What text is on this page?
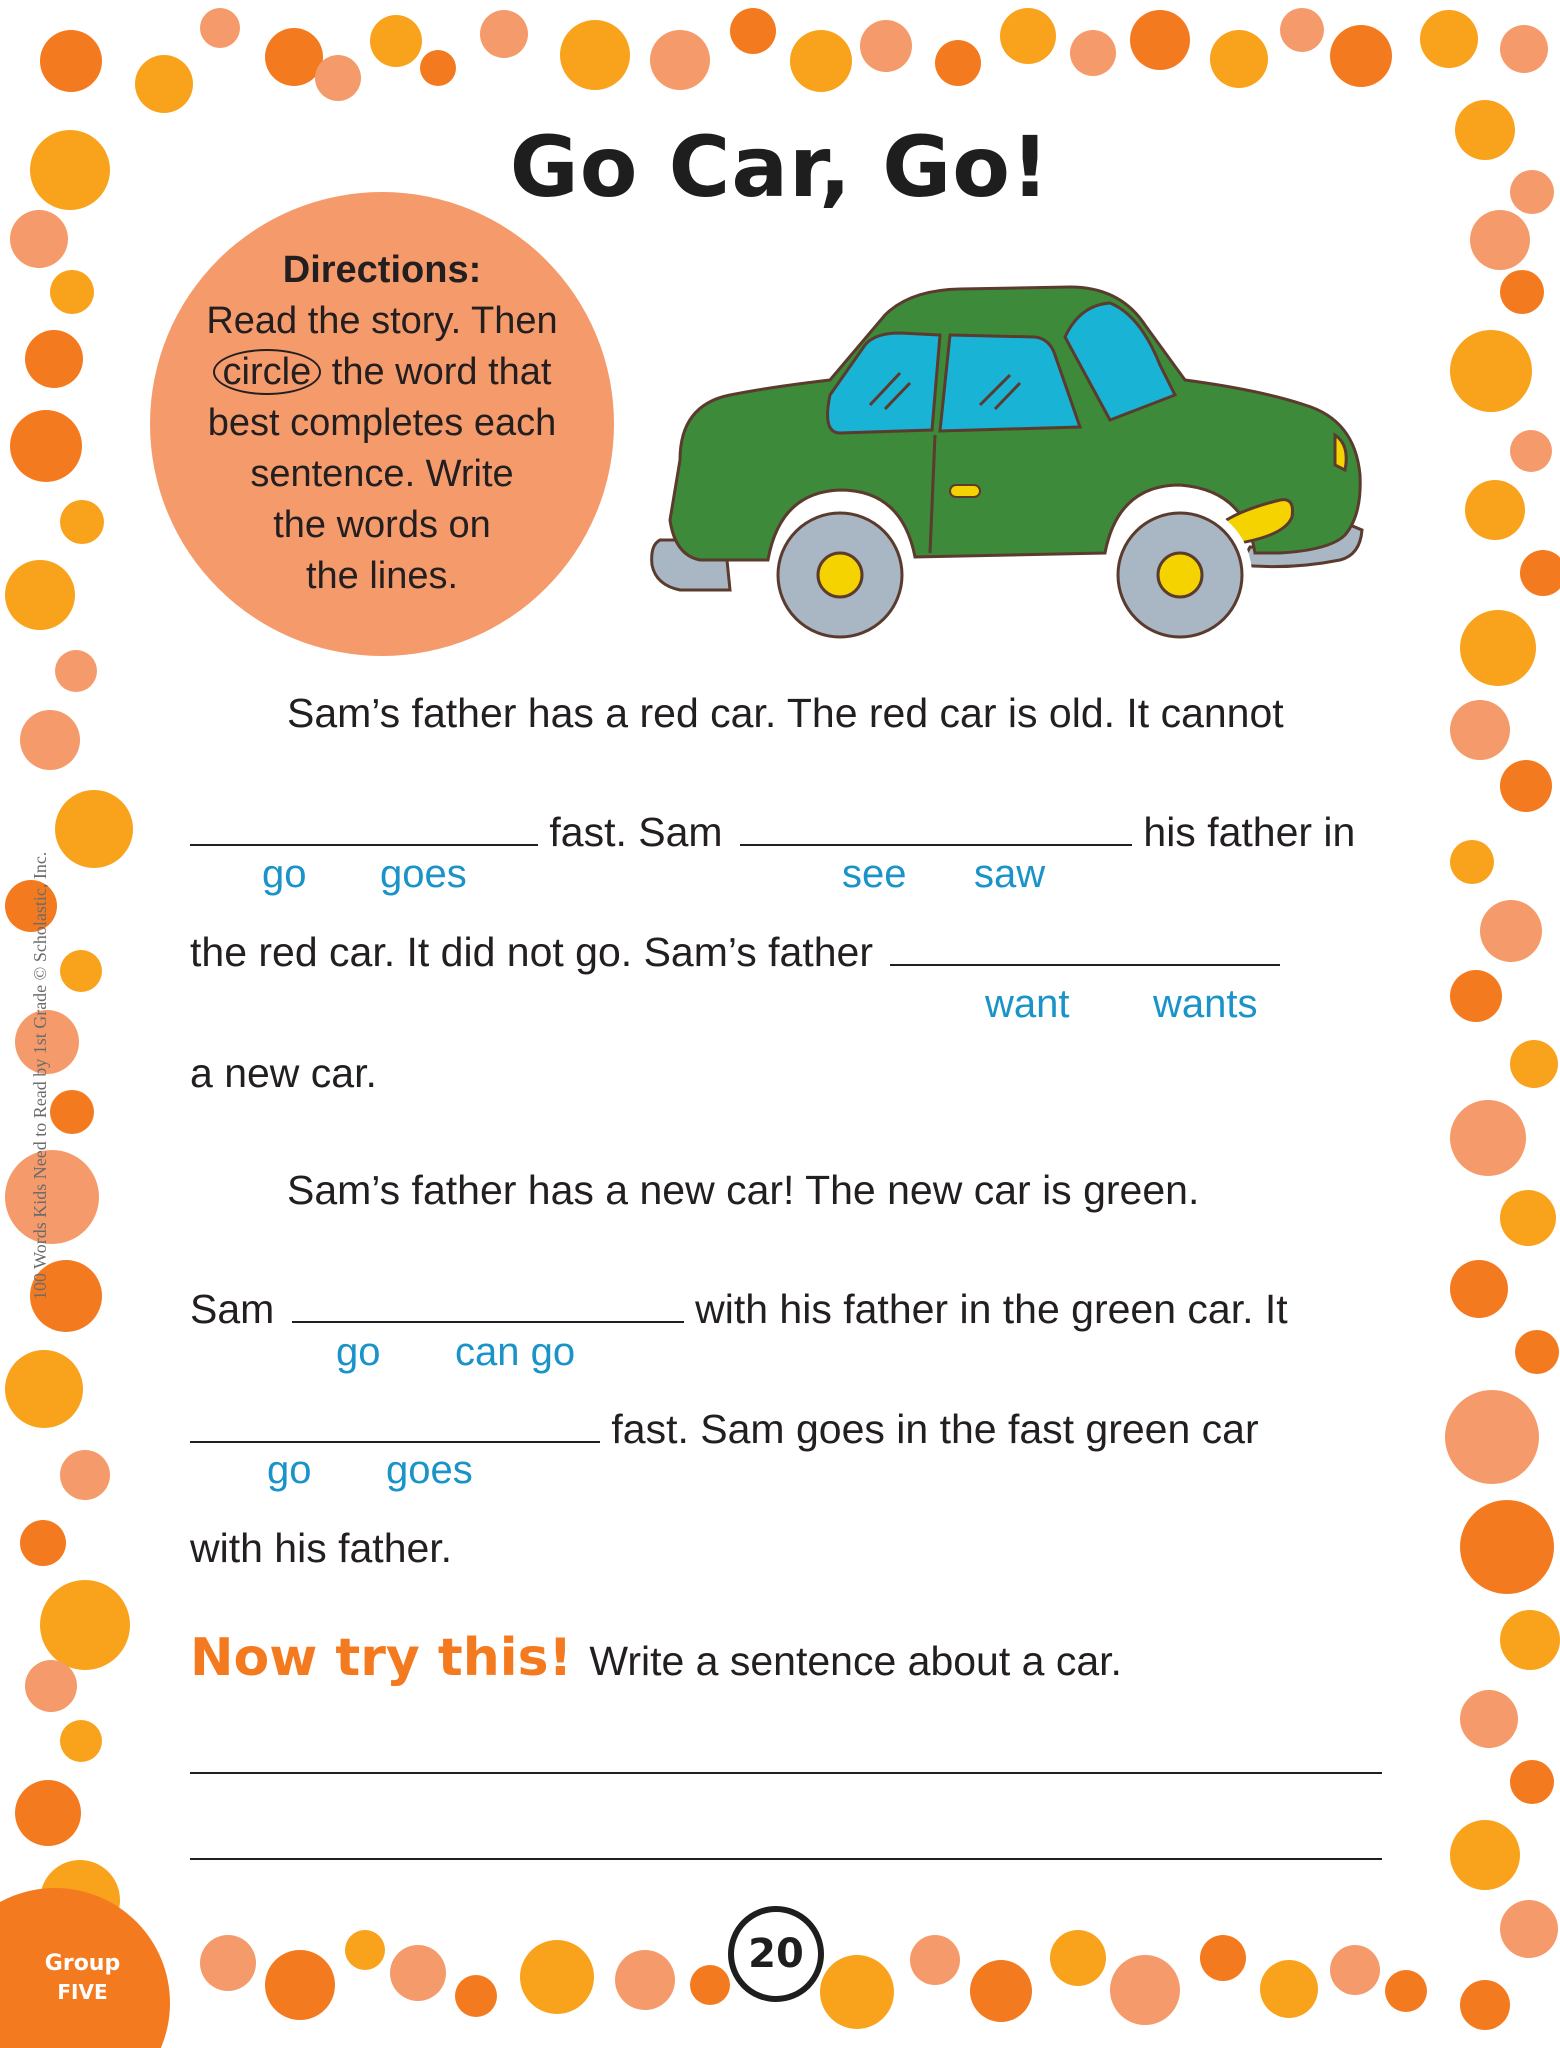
Go Car, Go!
Directions:
Read the story. Then
circle the word that
best completes each
sentence. Write
the words on
the lines.
Sam’s father has a red car. The red car is old. It cannot
fast. Sam	his father in
the red car. It did not go. Sam’s father
a new car.
Sam’s father has a new car! The new car is green.
Sam	with his father in the green car. It
fast. Sam goes in the fast green car
with his father.
go goes	see saw
want wants
go can go
go goes
Now try this! Write a sentence about a car.
Group
FIVE
20
100 Words Kids Need to Read by 1st Grade © Scholastic, Inc.
